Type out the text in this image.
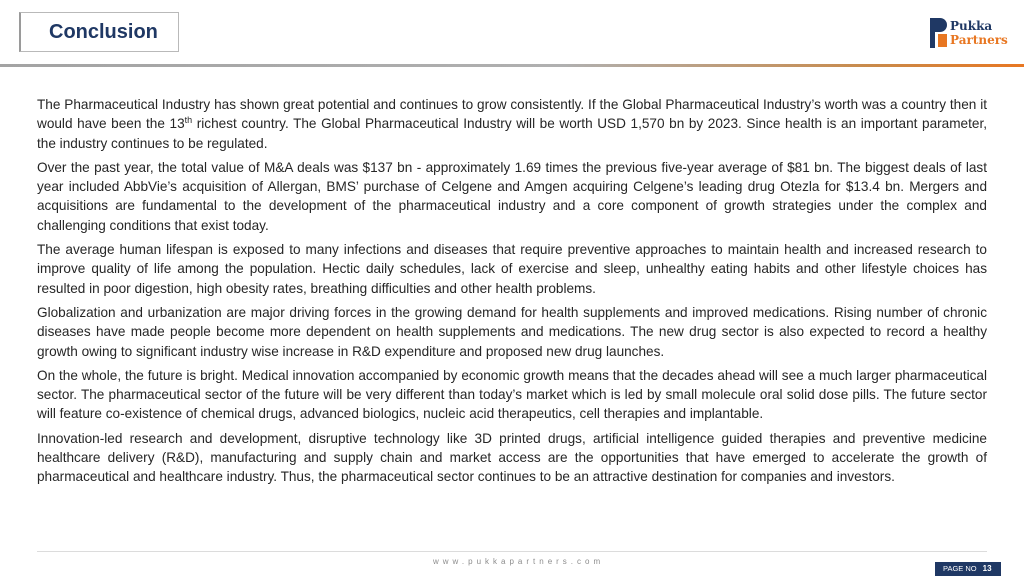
Conclusion	Pukka
Partners

The Pharmaceutical Industry has shown great potential and continues to grow consistently. If the Global Pharmaceutical Industry’s worth was a country then it would have been the 13th richest country. The Global Pharmaceutical Industry will be worth USD 1,570 bn by 2023. Since health is an important parameter, the industry continues to be regulated.

Over the past year, the total value of M&A deals was $137 bn - approximately 1.69 times the previous five-year average of $81 bn. The biggest deals of last year included AbbVie’s acquisition of Allergan, BMS’ purchase of Celgene and Amgen acquiring Celgene’s leading drug Otezla for $13.4 bn. Mergers and acquisitions are fundamental to the development of the pharmaceutical industry and a core component of growth strategies under the complex and challenging conditions that exist today.

The average human lifespan is exposed to many infections and diseases that require preventive approaches to maintain health and increased research to improve quality of life among the population. Hectic daily schedules, lack of exercise and sleep, unhealthy eating habits and other lifestyle choices has resulted in poor digestion, high obesity rates, breathing difficulties and other health problems.

Globalization and urbanization are major driving forces in the growing demand for health supplements and improved medications. Rising number of chronic diseases have made people become more dependent on health supplements and medications. The new drug sector is also expected to record a healthy growth owing to significant industry wise increase in R&D expenditure and proposed new drug launches.

On the whole, the future is bright. Medical innovation accompanied by economic growth means that the decades ahead will see a much larger pharmaceutical sector. The pharmaceutical sector of the future will be very different than today’s market which is led by small molecule oral solid dose pills. The future sector will feature co-existence of chemical drugs, advanced biologics, nucleic acid therapeutics, cell therapies and implantable.

Innovation-led research and development, disruptive technology like 3D printed drugs, artificial intelligence guided therapies and preventive medicine healthcare delivery (R&D), manufacturing and supply chain and market access are the opportunities that have emerged to accelerate the growth of pharmaceutical and healthcare industry. Thus, the pharmaceutical sector continues to be an attractive destination for companies and investors.

www.pukkapartners.com
PAGE NO 13
